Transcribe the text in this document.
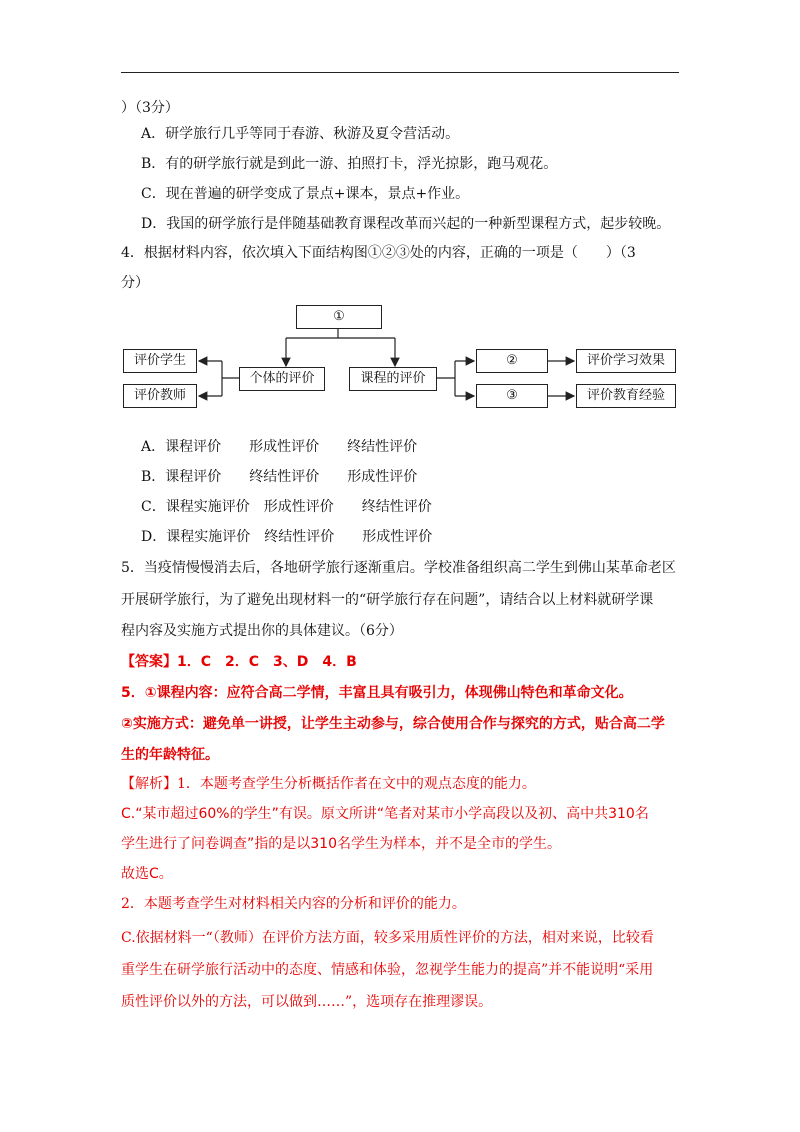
）（3分）
A．研学旅行几乎等同于春游、秋游及夏令营活动。
B．有的研学旅行就是到此一游、拍照打卡，浮光掠影，跑马观花。
C．现在普遍的研学变成了景点+课本，景点+作业。
D．我国的研学旅行是伴随基础教育课程改革而兴起的一种新型课程方式，起步较晚。
4．根据材料内容，依次填入下面结构图①②③处的内容，正确的一项是（　　）（3
分）
①
个体的评价	课程的评价
评价学生
评价教师
②
③
评价学习效果
评价教育经验
A．课程评价　　形成性评价　　终结性评价
B．课程评价　　终结性评价　　形成性评价
C．课程实施评价　形成性评价　　终结性评价
D．课程实施评价　终结性评价　　形成性评价
5．当疫情慢慢消去后，各地研学旅行逐渐重启。学校准备组织高二学生到佛山某革命老区
开展研学旅行，为了避免出现材料一的“研学旅行存在问题”，请结合以上材料就研学课
程内容及实施方式提出你的具体建议。（6分）
【答案】1．C　2．C　3、D　4．B
5．①课程内容：应符合高二学情，丰富且具有吸引力，体现佛山特色和革命文化。
②实施方式：避免单一讲授，让学生主动参与，综合使用合作与探究的方式，贴合高二学
生的年龄特征。
【解析】1．本题考查学生分析概括作者在文中的观点态度的能力。
C.“某市超过60%的学生”有误。原文所讲“笔者对某市小学高段以及初、高中共310名
学生进行了问卷调查”指的是以310名学生为样本，并不是全市的学生。
故选C。
2．本题考查学生对材料相关内容的分析和评价的能力。
C.依据材料一“（教师）在评价方法方面，较多采用质性评价的方法，相对来说，比较看
重学生在研学旅行活动中的态度、情感和体验，忽视学生能力的提高”并不能说明“采用
质性评价以外的方法，可以做到……”，选项存在推理谬误。
